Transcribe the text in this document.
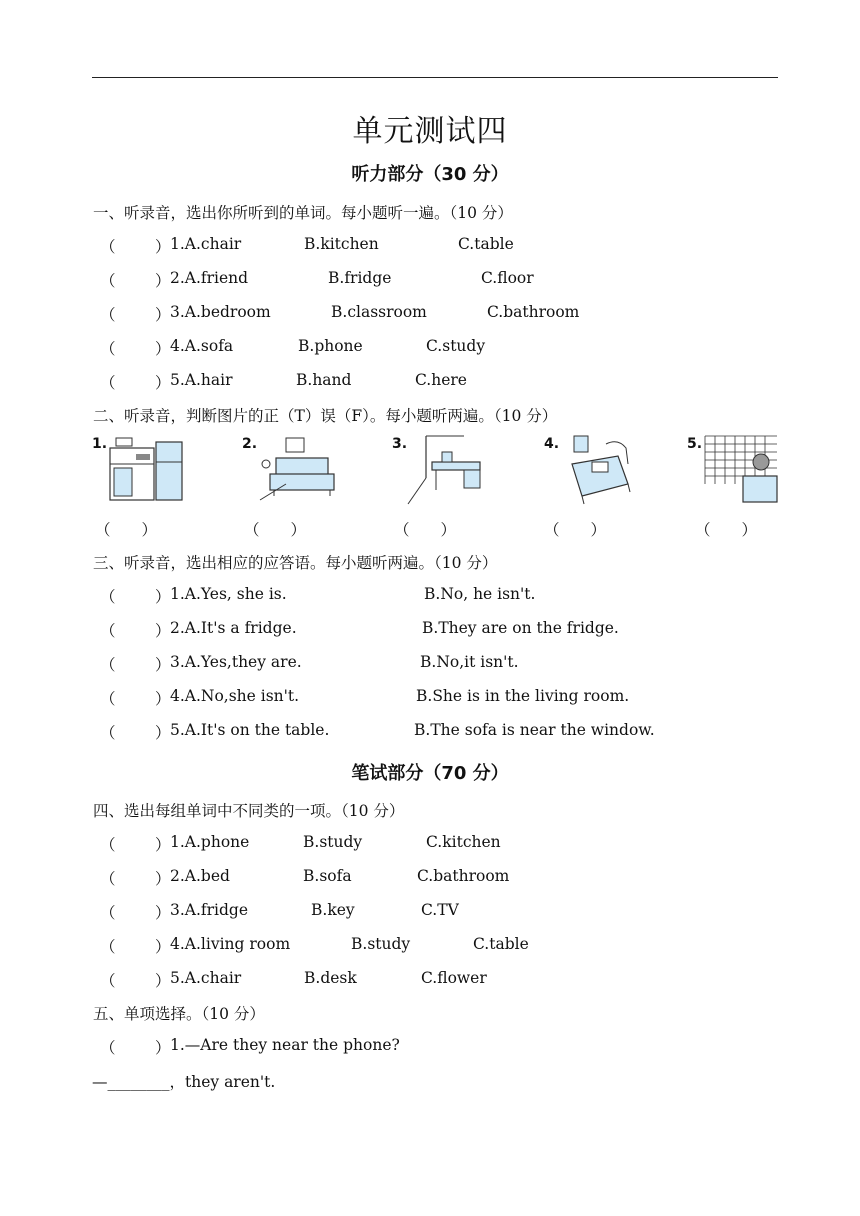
单元测试四
听力部分（30 分）
一、听录音，选出你所听到的单词。每小题听一遍。（10 分）
（	） 1.A.chair	B.kitchen	C.table
（	） 2.A.friend	B.fridge	C.floor
（	） 3.A.bedroom	B.classroom	C.bathroom
（	） 4.A.sofa	B.phone	C.study
（	） 5.A.hair	B.hand	C.here
二、听录音，判断图片的正（T）误（F）。每小题听两遍。（10 分）
1.	2.	3.	4.	5.
（　　 ）	（　　 ）	（　　 ）	（　　 ）	（　　 ）
三、听录音，选出相应的应答语。每小题听两遍。（10 分）
（	） 1.A.Yes, she is.	B.No, he isn't.
（	） 2.A.It's a fridge.	B.They are on the fridge.
（	） 3.A.Yes,they are.	B.No,it isn't.
（	） 4.A.No,she isn't.	B.She is in the living room.
（	） 5.A.It's on the table.	B.The sofa is near the window.
笔试部分（70 分）
四、选出每组单词中不同类的一项。（10 分）
（	） 1.A.phone	B.study	C.kitchen
（	） 2.A.bed	B.sofa	C.bathroom
（	） 3.A.fridge	B.key	C.TV
（	） 4.A.living room	B.study	C.table
（	） 5.A.chair	B.desk	C.flower
五、单项选择。（10 分）
（	） 1.—Are they near the phone?
—________，they aren't.
